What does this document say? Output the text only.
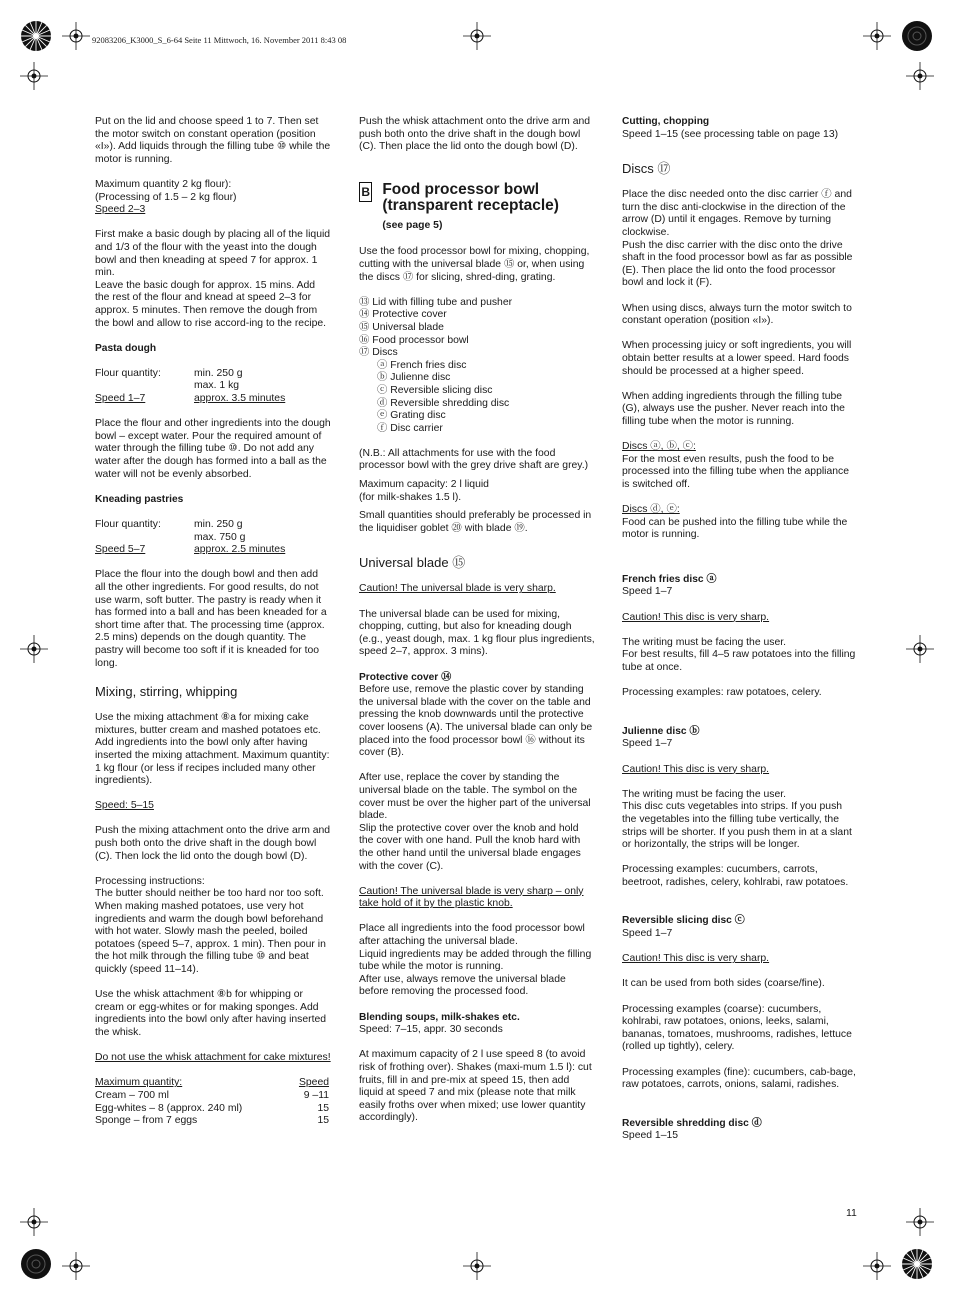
92083206_K3000_S_6-64 Seite 11 Mittwoch, 16. November 2011 8:43 08

Put on the lid and choose speed 1 to 7. Then set the motor switch on constant operation (position «I»). Add liquids through the filling tube ⑩ while the motor is running.

Maximum quantity 2 kg flour):
(Processing of 1.5 – 2 kg flour)
Speed 2–3

First make a basic dough by placing all of the liquid and 1/3 of the flour with the yeast into the dough bowl and then kneading at speed 7 for approx. 1 min.
Leave the basic dough for approx. 15 mins. Add the rest of the flour and knead at speed 2–3 for approx. 5 minutes. Then remove the dough from the bowl and allow to rise accord-ing to the recipe.

Pasta dough

Flour quantity:	min. 250 g
	max. 1 kg
Speed 1–7	approx. 3.5 minutes

Place the flour and other ingredients into the dough bowl – except water. Pour the required amount of water through the filling tube ⑩. Do not add any water after the dough has formed into a ball as the water will not be evenly absorbed.

Kneading pastries

Flour quantity:	min. 250 g
	max. 750 g
Speed 5–7	approx. 2.5 minutes

Place the flour into the dough bowl and then add all the other ingredients. For good results, do not use warm, soft butter. The pastry is ready when it has formed into a ball and has been kneaded for a short time after that. The processing time (approx. 2.5 mins) depends on the dough quantity. The pastry will become too soft if it is kneaded for too long.

Mixing, stirring, whipping

Use the mixing attachment ⑧a for mixing cake mixtures, butter cream and mashed potatoes etc. Add ingredients into the bowl only after having inserted the mixing attachment. Maximum quantity: 1 kg flour (or less if recipes included many other ingredients).

Speed: 5–15

Push the mixing attachment onto the drive arm and push both onto the drive shaft in the dough bowl (C). Then lock the lid onto the dough bowl (D).

Processing instructions:
The butter should neither be too hard nor too soft. When making mashed potatoes, use very hot ingredients and warm the dough bowl beforehand with hot water. Slowly mash the peeled, boiled potatoes (speed 5–7, approx. 1 min). Then pour in the hot milk through the filling tube ⑩ and beat quickly (speed 11–14).

Use the whisk attachment ⑧b for whipping or cream or egg-whites or for making sponges. Add ingredients into the bowl only after having inserted the whisk.

Do not use the whisk attachment for cake mixtures!

Maximum quantity:	Speed
Cream – 700 ml	9 –11
Egg-whites – 8 (approx. 240 ml)	15
Sponge – from 7 eggs	15

Push the whisk attachment onto the drive arm and push both onto the drive shaft in the dough bowl (C). Then place the lid onto the dough bowl (D).

B Food processor bowl (transparent receptacle)
(see page 5)

Use the food processor bowl for mixing, chopping, cutting with the universal blade ⑮ or, when using the discs ⑰ for slicing, shred-ding, grating.

⑬ Lid with filling tube and pusher
⑭ Protective cover
⑮ Universal blade
⑯ Food processor bowl
⑰ Discs
ⓐ French fries disc
ⓑ Julienne disc
ⓒ Reversible slicing disc
ⓓ Reversible shredding disc
ⓔ Grating disc
ⓕ Disc carrier

(N.B.: All attachments for use with the food processor bowl with the grey drive shaft are grey.)

Maximum capacity: 2 l liquid
(for milk-shakes 1.5 l).

Small quantities should preferably be processed in the liquidiser goblet ⑳ with blade ⑲.

Universal blade ⑮

Caution! The universal blade is very sharp.

The universal blade can be used for mixing, chopping, cutting, but also for kneading dough (e.g., yeast dough, max. 1 kg flour plus ingredients, speed 2–7, approx. 3 mins).

Protective cover ⑭
Before use, remove the plastic cover by standing the universal blade with the cover on the table and pressing the knob downwards until the protective cover loosens (A). The universal blade can only be placed into the food processor bowl ⑯ without its cover (B).

After use, replace the cover by standing the universal blade on the table. The symbol on the cover must be over the higher part of the universal blade.
Slip the protective cover over the knob and hold the cover with one hand. Pull the knob hard with the other hand until the universal blade engages with the cover (C).

Caution! The universal blade is very sharp – only take hold of it by the plastic knob.

Place all ingredients into the food processor bowl after attaching the universal blade.
Liquid ingredients may be added through the filling tube while the motor is running.
After use, always remove the universal blade before removing the processed food.

Blending soups, milk-shakes etc.
Speed: 7–15, appr. 30 seconds

At maximum capacity of 2 l use speed 8 (to avoid risk of frothing over). Shakes (maxi-mum 1.5 l): cut fruits, fill in and pre-mix at speed 15, then add liquid at speed 7 and mix (please note that milk easily froths over when mixed; use lower quantity accordingly).

Cutting, chopping
Speed 1–15 (see processing table on page 13)

Discs ⑰

Place the disc needed onto the disc carrier ⓕ and turn the disc anti-clockwise in the direction of the arrow (D) until it engages. Remove by turning clockwise.
Push the disc carrier with the disc onto the drive shaft in the food processor bowl as far as possible (E). Then place the lid onto the food processor bowl and lock it (F).

When using discs, always turn the motor switch to constant operation (position «I»).

When processing juicy or soft ingredients, you will obtain better results at a lower speed. Hard foods should be processed at a higher speed.

When adding ingredients through the filling tube (G), always use the pusher. Never reach into the filling tube when the motor is running.

Discs ⓐ, ⓑ, ⓒ:
For the most even results, push the food to be processed into the filling tube when the appliance is switched off.

Discs ⓓ, ⓔ:
Food can be pushed into the filling tube while the motor is running.

French fries disc ⓐ
Speed 1–7

Caution! This disc is very sharp.

The writing must be facing the user.
For best results, fill 4–5 raw potatoes into the filling tube at once.

Processing examples: raw potatoes, celery.

Julienne disc ⓑ
Speed 1–7

Caution! This disc is very sharp.

The writing must be facing the user.
This disc cuts vegetables into strips. If you push the vegetables into the filling tube vertically, the strips will be shorter. If you push them in at a slant or horizontally, the strips will be longer.

Processing examples: cucumbers, carrots, beetroot, radishes, celery, kohlrabi, raw potatoes.

Reversible slicing disc ⓒ
Speed 1–7

Caution! This disc is very sharp.

It can be used from both sides (coarse/fine).

Processing examples (coarse): cucumbers, kohlrabi, raw potatoes, onions, leeks, salami, bananas, tomatoes, mushrooms, radishes, lettuce (rolled up tightly), celery.

Processing examples (fine): cucumbers, cab-bage, raw potatoes, carrots, onions, salami, radishes.

Reversible shredding disc ⓓ
Speed 1–15

11
